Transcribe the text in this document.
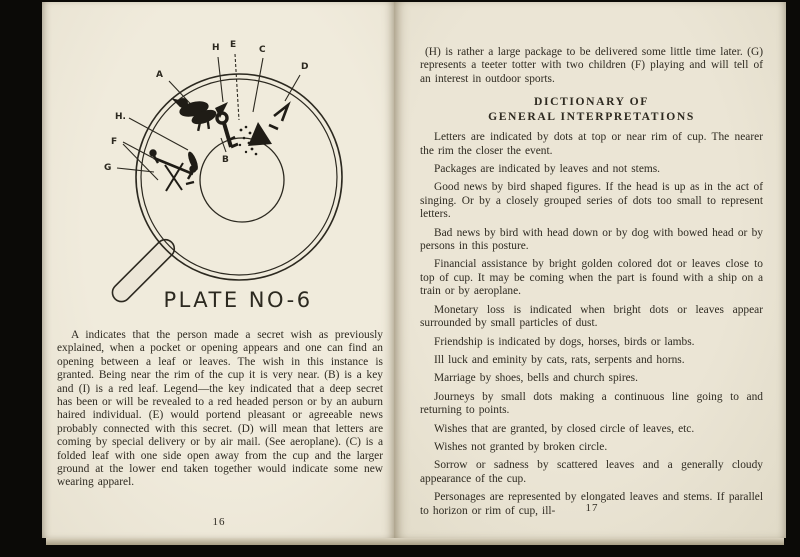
A
H E	C
D
H.
F
G
B
PLATE NO-6

A indicates that the person made a secret wish as previously explained, when a pocket or opening appears and one can find an opening between a leaf or leaves. The wish in this instance is granted. Being near the rim of the cup it is very near. (B) is a key and (I) is a red leaf. Legend—the key indicated that a deep secret has been or will be revealed to a red headed person or by an auburn haired individual. (E) would portend pleasant or agreeable news probably connected with this secret. (D) will mean that letters are coming by special delivery or by air mail. (See aeroplane). (C) is a folded leaf with one side open away from the cup and the larger ground at the lower end taken together would indicate some new wearing apparel.

16

(H) is rather a large package to be delivered some little time later. (G) represents a teeter totter with two children (F) playing and will tell of an interest in outdoor sports.

DICTIONARY OF
GENERAL INTERPRETATIONS

Letters are indicated by dots at top or near rim of cup. The nearer the rim the closer the event.

Packages are indicated by leaves and not stems.

Good news by bird shaped figures. If the head is up as in the act of singing. Or by a closely grouped series of dots too small to represent letters.

Bad news by bird with head down or by dog with bowed head or by persons in this posture.

Financial assistance by bright golden colored dot or leaves close to top of cup. It may be coming when the part is found with a ship on a train or by aeroplane.

Monetary loss is indicated when bright dots or leaves appear surrounded by small particles of dust.

Friendship is indicated by dogs, horses, birds or lambs.

Ill luck and eminity by cats, rats, serpents and horns.

Marriage by shoes, bells and church spires.

Journeys by small dots making a continuous line going to and returning to points.

Wishes that are granted, by closed circle of leaves, etc.

Wishes not granted by broken circle.

Sorrow or sadness by scattered leaves and a generally cloudy appearance of the cup.

Personages are represented by elongated leaves and stems. If parallel to horizon or rim of cup, ill-	17
